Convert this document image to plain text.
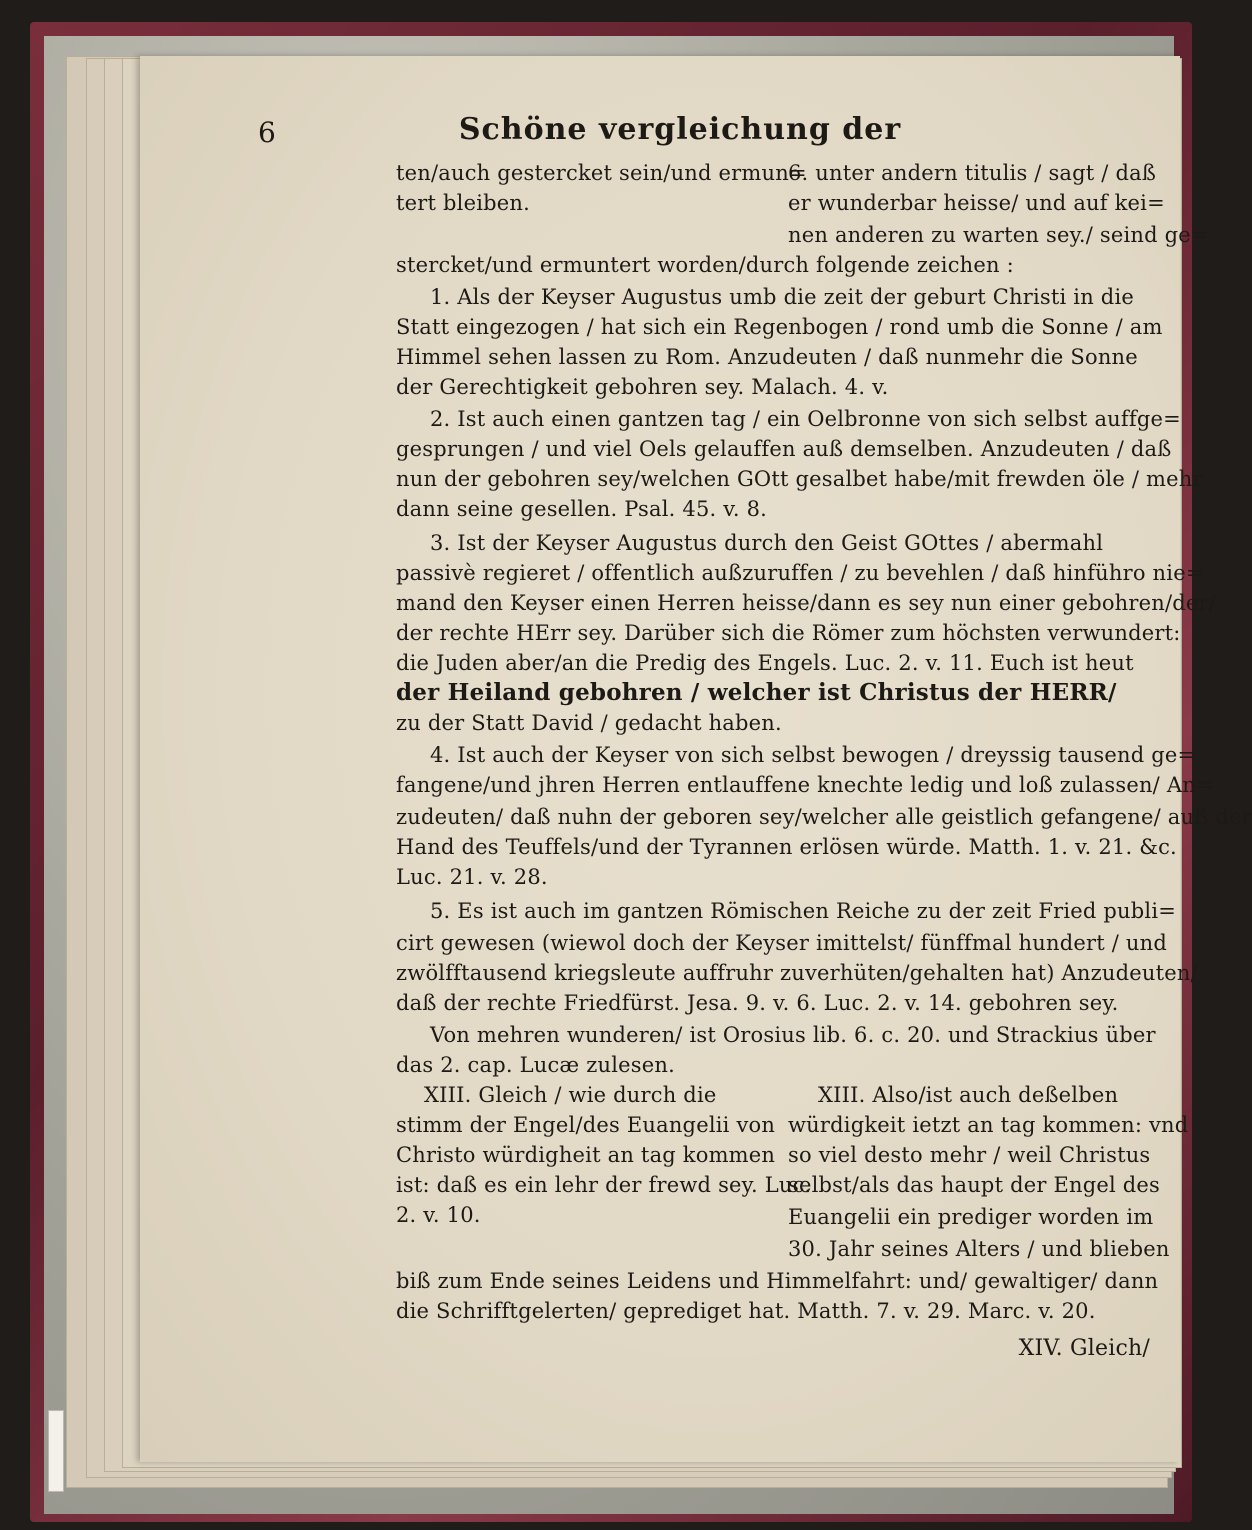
6	Schöne vergleichung der
ten/auch gestercket sein/und ermun=
tert bleiben.
6. unter andern titulis / sagt / daß
er wunderbar heisse/ und auf kei=
nen anderen zu warten sey./ seind ge=
stercket/und ermuntert worden/durch folgende zeichen :
1. Als der Keyser Augustus umb die zeit der geburt Christi in die
Statt eingezogen / hat sich ein Regenbogen / rond umb die Sonne / am
Himmel sehen lassen zu Rom. Anzudeuten / daß nunmehr die Sonne
der Gerechtigkeit gebohren sey. Malach. 4. v.
2. Ist auch einen gantzen tag / ein Oelbronne von sich selbst auffge=
gesprungen / und viel Oels gelauffen auß demselben. Anzudeuten / daß
nun der gebohren sey/welchen GOtt gesalbet habe/mit frewden öle / mehr
dann seine gesellen. Psal. 45. v. 8.
3. Ist der Keyser Augustus durch den Geist GOttes / abermahl
passivè regieret / offentlich außzuruffen / zu bevehlen / daß hinführo nie=
mand den Keyser einen Herren heisse/dann es sey nun einer gebohren/der/
der rechte HErr sey. Darüber sich die Römer zum höchsten verwundert:
die Juden aber/an die Predig des Engels. Luc. 2. v. 11. Euch ist heut
der Heiland gebohren / welcher ist Christus der HERR/
zu der Statt David / gedacht haben.
4. Ist auch der Keyser von sich selbst bewogen / dreyssig tausend ge=
fangene/und jhren Herren entlauffene knechte ledig und loß zulassen/ An=
zudeuten/ daß nuhn der geboren sey/welcher alle geistlich gefangene/ auß der
Hand des Teuffels/und der Tyrannen erlösen würde. Matth. 1. v. 21. &c.
Luc. 21. v. 28.
5. Es ist auch im gantzen Römischen Reiche zu der zeit Fried publi=
cirt gewesen (wiewol doch der Keyser imittelst/ fünffmal hundert / und
zwölfftausend kriegsleute auffruhr zuverhüten/gehalten hat) Anzudeuten/
daß der rechte Friedfürst. Jesa. 9. v. 6. Luc. 2. v. 14. gebohren sey.
Von mehren wunderen/ ist Orosius lib. 6. c. 20. und Strackius über
das 2. cap. Lucæ zulesen.
XIII. Gleich / wie durch die
stimm der Engel/des Euangelii von
Christo würdigheit an tag kommen
ist: daß es ein lehr der frewd sey. Luc.
2. v. 10.
XIII. Also/ist auch deßelben
würdigkeit ietzt an tag kommen: vnd
so viel desto mehr / weil Christus
selbst/als das haupt der Engel des
Euangelii ein prediger worden im
30. Jahr seines Alters / und blieben
biß zum Ende seines Leidens und Himmelfahrt: und/ gewaltiger/ dann
die Schrifftgelerten/ geprediget hat. Matth. 7. v. 29. Marc. v. 20.
XIV. Gleich/
